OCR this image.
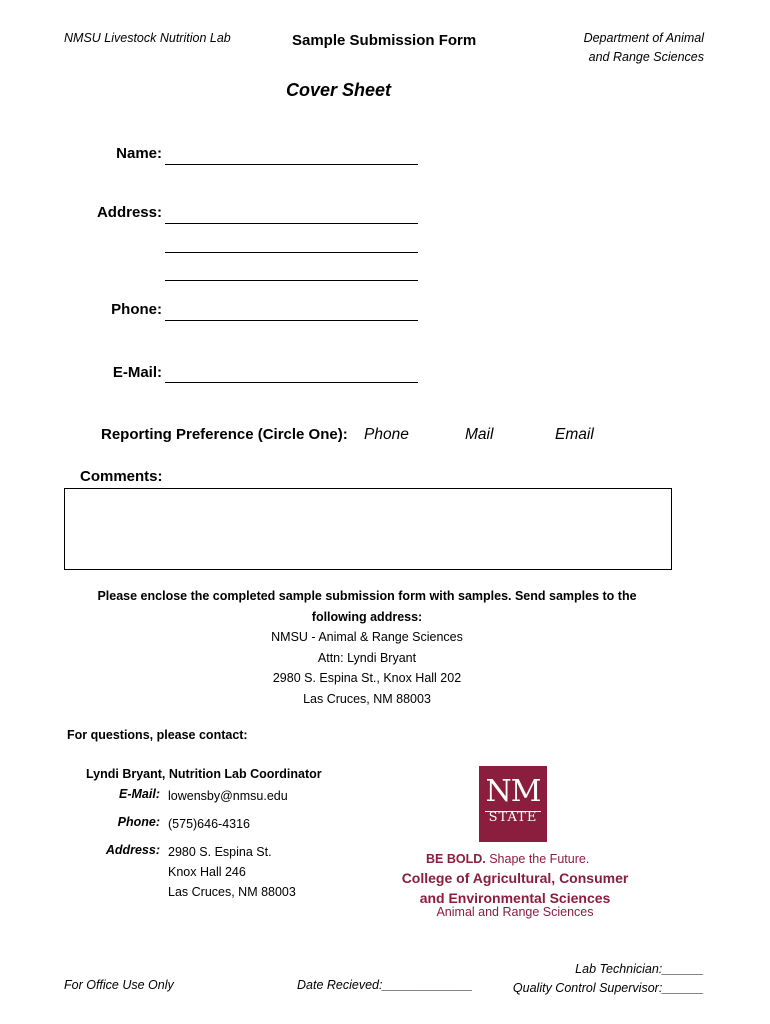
NMSU Livestock Nutrition Lab	Sample Submission Form	Department of Animal
and Range Sciences
Cover Sheet
Name:
Address:
Phone:
E-Mail:
Reporting Preference (Circle One): Phone	Mail	Email
Comments:
Please enclose the completed sample submission form with samples. Send samples to the
following address:
NMSU - Animal & Range Sciences
Attn: Lyndi Bryant
2980 S. Espina St., Knox Hall 202
Las Cruces, NM 88003
For questions, please contact:
Lyndi Bryant, Nutrition Lab Coordinator
E-Mail: lowensby@nmsu.edu
Phone: (575)646-4316
Address: 2980 S. Espina St.
Knox Hall 246
Las Cruces, NM 88003
NM
STATE
BE BOLD. Shape the Future.
College of Agricultural, Consumer
and Environmental Sciences
Animal and Range Sciences
For Office Use Only	Date Recieved:_____________
Lab Technician:______
Quality Control Supervisor:______
